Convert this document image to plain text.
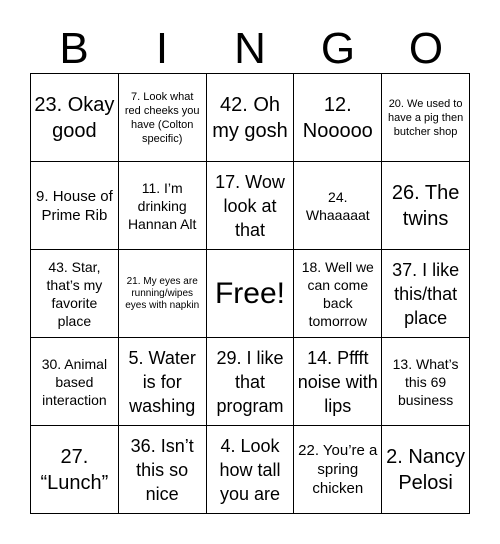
B	I	N	G	O
23. Okay good
7. Look what red cheeks you have (Colton specific)
42. Oh my gosh
12. Nooooo
20. We used to have a pig then butcher shop
9. House of Prime Rib
11. I’m drinking Hannan Alt
17. Wow look at that
24. Whaaaaat
26. The twins
43. Star, that’s my favorite place
21. My eyes are running/wipes eyes with napkin Free!
18. Well we can come back tomorrow
37. I like this/that place
30. Animal based interaction
5. Water is for washing
29. I like that program
14. Pffft noise with lips
13. What’s this 69 business
27. “Lunch”
36. Isn’t this so nice
4. Look how tall you are
22. You’re a spring chicken
2. Nancy Pelosi
